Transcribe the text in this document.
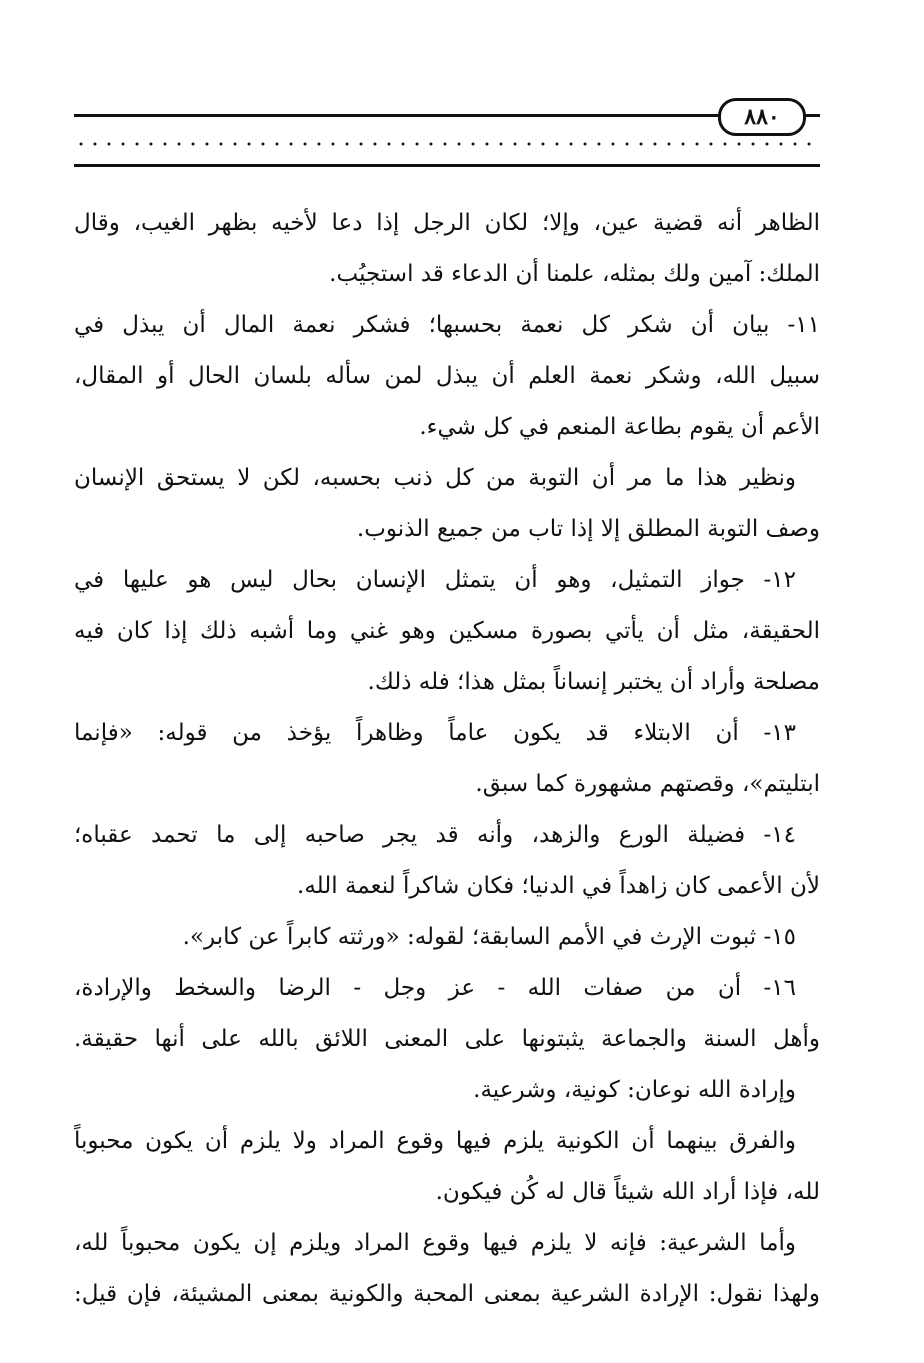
٨٨٠
الظاهر أنه قضية عين، وإلا؛ لكان الرجل إذا دعا لأخيه بظهر الغيب، وقال
الملك: آمين ولك بمثله، علمنا أن الدعاء قد استجيُب.
١١- بيان أن شكر كل نعمة بحسبها؛ فشكر نعمة المال أن يبذل في
سبيل الله، وشكر نعمة العلم أن يبذل لمن سأله بلسان الحال أو المقال،
الأعم أن يقوم بطاعة المنعم في كل شيء.
ونظير هذا ما مر أن التوبة من كل ذنب بحسبه، لكن لا يستحق الإنسان
وصف التوبة المطلق إلا إذا تاب من جميع الذنوب.
١٢- جواز التمثيل، وهو أن يتمثل الإنسان بحال ليس هو عليها في
الحقيقة، مثل أن يأتي بصورة مسكين وهو غني وما أشبه ذلك إذا كان فيه
مصلحة وأراد أن يختبر إنساناً بمثل هذا؛ فله ذلك.
١٣- أن الابتلاء قد يكون عاماً وظاهراً يؤخذ من قوله: «فإنما
ابتليتم»، وقصتهم مشهورة كما سبق.
١٤- فضيلة الورع والزهد، وأنه قد يجر صاحبه إلى ما تحمد عقباه؛
لأن الأعمى كان زاهداً في الدنيا؛ فكان شاكراً لنعمة الله.
١٥- ثبوت الإرث في الأمم السابقة؛ لقوله: «ورثته كابراً عن كابر».
١٦- أن من صفات الله - عز وجل - الرضا والسخط والإرادة،
وأهل السنة والجماعة يثبتونها على المعنى اللائق بالله على أنها حقيقة.
وإرادة الله نوعان: كونية، وشرعية.
والفرق بينهما أن الكونية يلزم فيها وقوع المراد ولا يلزم أن يكون محبوباً
لله، فإذا أراد الله شيئاً قال له كُن فيكون.
وأما الشرعية: فإنه لا يلزم فيها وقوع المراد ويلزم إن يكون محبوباً لله،
ولهذا نقول: الإرادة الشرعية بمعنى المحبة والكونية بمعنى المشيئة، فإن قيل:
